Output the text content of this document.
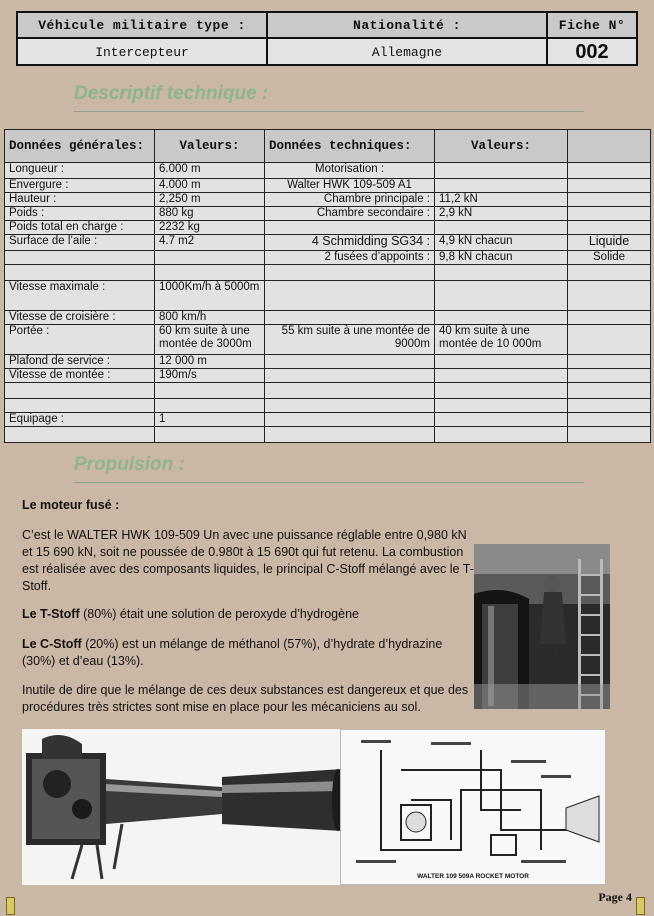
Véhicule militaire type :	Nationalité :	Fiche N°
Intercepteur	Allemagne	002
Descriptif technique :
Données générales:	Valeurs:	Données techniques:	Valeurs:	
Longueur :	6.000 m	Motorisation :		
Envergure :	4.000 m	Walter HWK 109-509 A1		
Hauteur :	2,250 m	Chambre principale :	11,2 kN	
Poids :	880 kg	Chambre secondaire :	2,9 kN	
Poids total en charge :	2232 kg			
Surface de l’aile :	4.7 m2	4 Schmidding SG34 :	4,9 kN chacun	Liquide
		2 fusées d’appoints :	9,8 kN chacun	Solide

Vitesse maximale :	1000Km/h à 5000m			
Vitesse de croisière :	800 km/h			
Portée :	60 km suite à une montée de 3000m	55 km suite à une montée de 9000m	40 km suite à une montée de 10 000m	
Plafond de service :	12 000 m			
Vitesse de montée :	190m/s			

Equipage :	1			

Propulsion :

Le moteur fusé :

C’est le WALTER HWK 109-509 Un avec une puissance réglable entre 0,980 kN et 15 690 kN, soit ne poussée de 0.980t à 15 690t qui fut retenu. La combustion est réalisée avec des composants liquides, le principal C-Stoff mélangé avec le T-Stoff.

Le T-Stoff (80%) était une solution de peroxyde d’hydrogène

Le C-Stoff (20%) est un mélange de méthanol (57%), d’hydrate d’hydrazine (30%) et d’eau (13%).

Inutile de dire que le mélange de ces deux substances est dangereux et que des procédures très strictes sont mise en place pour les mécaniciens au sol.

WALTER 109 509A ROCKET MOTOR
Page 4
